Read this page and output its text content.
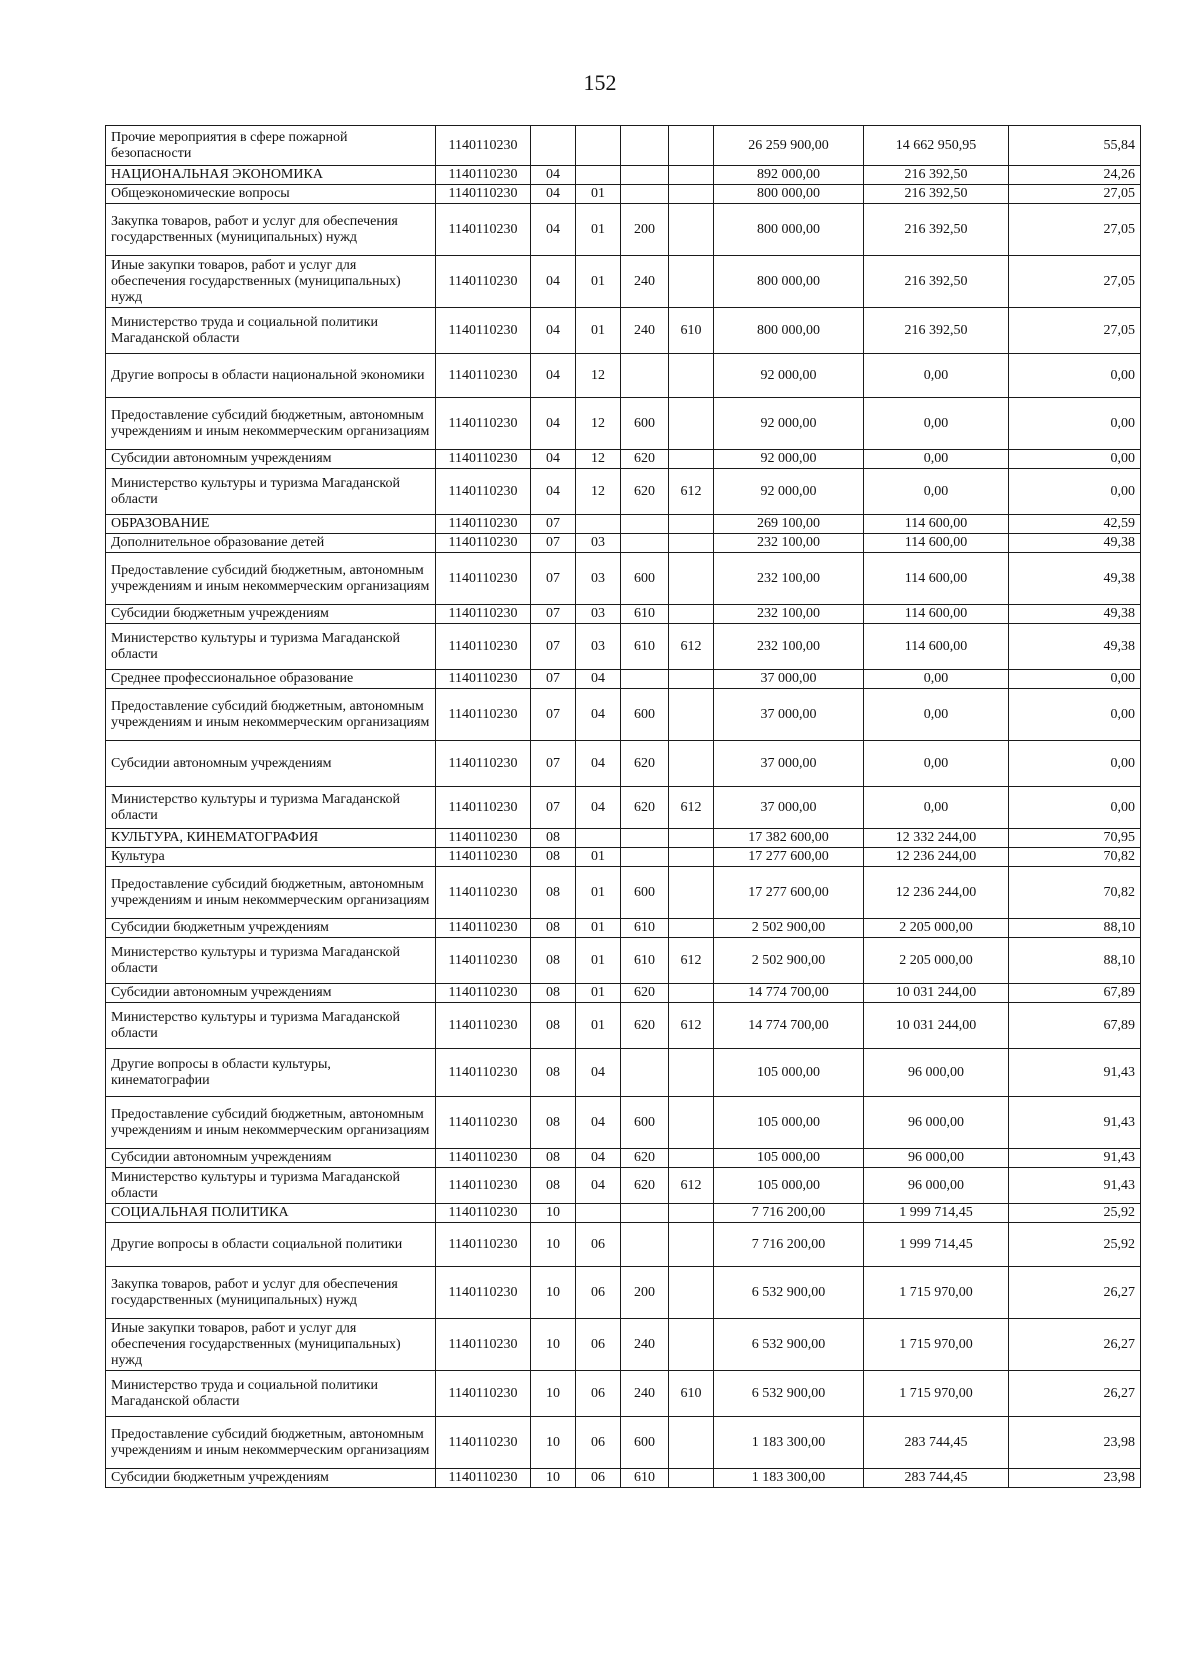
152
Прочие мероприятия в сфере пожарной безопасности	1140110230					26 259 900,00	14 662 950,95	55,84
НАЦИОНАЛЬНАЯ ЭКОНОМИКА	1140110230	04				892 000,00	216 392,50	24,26
Общеэкономические вопросы	1140110230	04	01			800 000,00	216 392,50	27,05
Закупка товаров, работ и услуг для обеспечения государственных (муниципальных) нужд	1140110230	04	01	200		800 000,00	216 392,50	27,05
Иные закупки товаров, работ и услуг для обеспечения государственных (муниципальных) нужд	1140110230	04	01	240		800 000,00	216 392,50	27,05
Министерство труда и социальной политики Магаданской области	1140110230	04	01	240	610	800 000,00	216 392,50	27,05
Другие вопросы в области национальной экономики	1140110230	04	12			92 000,00	0,00	0,00
Предоставление субсидий бюджетным, автономным учреждениям и иным некоммерческим организациям	1140110230	04	12	600		92 000,00	0,00	0,00
Субсидии автономным учреждениям	1140110230	04	12	620		92 000,00	0,00	0,00
Министерство культуры и туризма Магаданской области	1140110230	04	12	620	612	92 000,00	0,00	0,00
ОБРАЗОВАНИЕ	1140110230	07				269 100,00	114 600,00	42,59
Дополнительное образование детей	1140110230	07	03			232 100,00	114 600,00	49,38
Предоставление субсидий бюджетным, автономным учреждениям и иным некоммерческим организациям	1140110230	07	03	600		232 100,00	114 600,00	49,38
Субсидии бюджетным учреждениям	1140110230	07	03	610		232 100,00	114 600,00	49,38
Министерство культуры и туризма Магаданской области	1140110230	07	03	610	612	232 100,00	114 600,00	49,38
Среднее профессиональное образование	1140110230	07	04			37 000,00	0,00	0,00
Предоставление субсидий бюджетным, автономным учреждениям и иным некоммерческим организациям	1140110230	07	04	600		37 000,00	0,00	0,00
Субсидии автономным учреждениям	1140110230	07	04	620		37 000,00	0,00	0,00
Министерство культуры и туризма Магаданской области	1140110230	07	04	620	612	37 000,00	0,00	0,00
КУЛЬТУРА, КИНЕМАТОГРАФИЯ	1140110230	08				17 382 600,00	12 332 244,00	70,95
Культура	1140110230	08	01			17 277 600,00	12 236 244,00	70,82
Предоставление субсидий бюджетным, автономным учреждениям и иным некоммерческим организациям	1140110230	08	01	600		17 277 600,00	12 236 244,00	70,82
Субсидии бюджетным учреждениям	1140110230	08	01	610		2 502 900,00	2 205 000,00	88,10
Министерство культуры и туризма Магаданской области	1140110230	08	01	610	612	2 502 900,00	2 205 000,00	88,10
Субсидии автономным учреждениям	1140110230	08	01	620		14 774 700,00	10 031 244,00	67,89
Министерство культуры и туризма Магаданской области	1140110230	08	01	620	612	14 774 700,00	10 031 244,00	67,89
Другие вопросы в области культуры, кинематографии	1140110230	08	04			105 000,00	96 000,00	91,43
Предоставление субсидий бюджетным, автономным учреждениям и иным некоммерческим организациям	1140110230	08	04	600		105 000,00	96 000,00	91,43
Субсидии автономным учреждениям	1140110230	08	04	620		105 000,00	96 000,00	91,43
Министерство культуры и туризма Магаданской области	1140110230	08	04	620	612	105 000,00	96 000,00	91,43
СОЦИАЛЬНАЯ ПОЛИТИКА	1140110230	10				7 716 200,00	1 999 714,45	25,92
Другие вопросы в области социальной политики	1140110230	10	06			7 716 200,00	1 999 714,45	25,92
Закупка товаров, работ и услуг для обеспечения государственных (муниципальных) нужд	1140110230	10	06	200		6 532 900,00	1 715 970,00	26,27
Иные закупки товаров, работ и услуг для обеспечения государственных (муниципальных) нужд	1140110230	10	06	240		6 532 900,00	1 715 970,00	26,27
Министерство труда и социальной политики Магаданской области	1140110230	10	06	240	610	6 532 900,00	1 715 970,00	26,27
Предоставление субсидий бюджетным, автономным учреждениям и иным некоммерческим организациям	1140110230	10	06	600		1 183 300,00	283 744,45	23,98
Субсидии бюджетным учреждениям	1140110230	10	06	610		1 183 300,00	283 744,45	23,98
